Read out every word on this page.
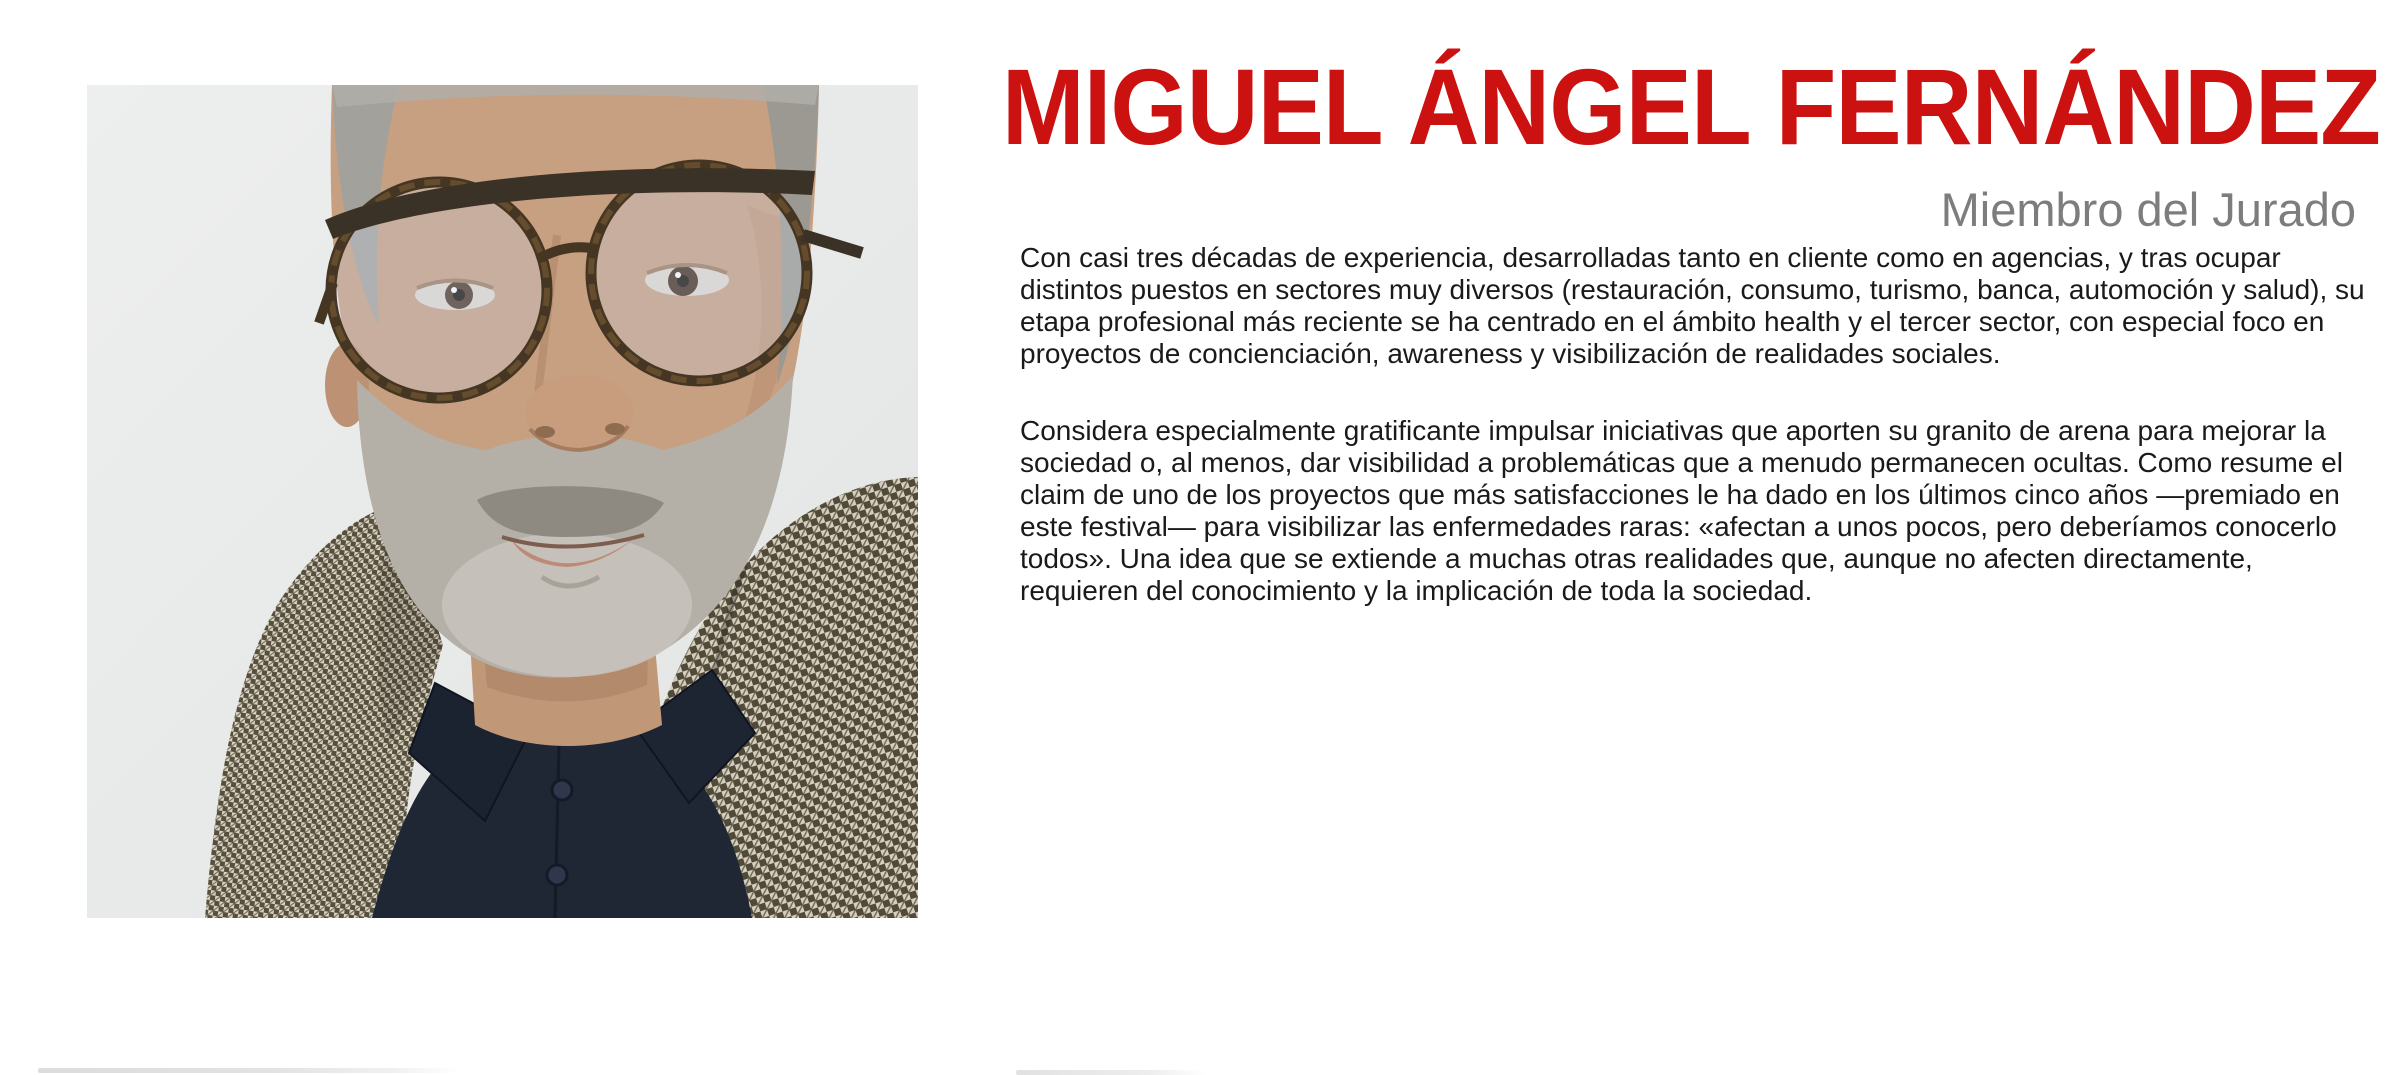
MIGUEL ÁNGEL FERNÁNDEZ
Miembro del Jurado

Con casi tres décadas de experiencia, desarrolladas tanto en cliente como en agencias, y tras ocupar distintos puestos en sectores muy diversos (restauración, consumo, turismo, banca, automoción y salud), su etapa profesional más reciente se ha centrado en el ámbito health y el tercer sector, con especial foco en proyectos de concienciación, awareness y visibilización de realidades sociales.

Considera especialmente gratificante impulsar iniciativas que aporten su granito de arena para mejorar la sociedad o, al menos, dar visibilidad a problemáticas que a menudo permanecen ocultas. Como resume el claim de uno de los proyectos que más satisfacciones le ha dado en los últimos cinco años —premiado en este festival— para visibilizar las enfermedades raras: «afectan a unos pocos, pero deberíamos conocerlo todos». Una idea que se extiende a muchas otras realidades que, aunque no afecten directamente, requieren del conocimiento y la implicación de toda la sociedad.
